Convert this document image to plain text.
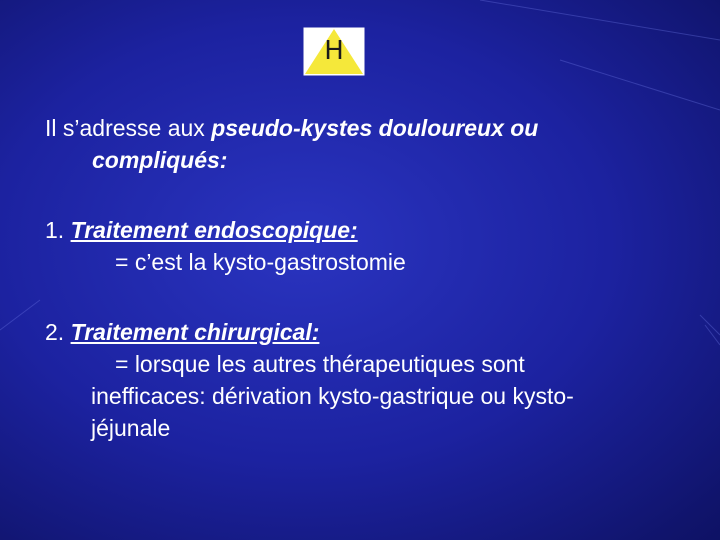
H
Il s’adresse aux pseudo-kystes douloureux ou
compliqués:
1. Traitement endoscopique:
= c’est la kysto-gastrostomie
2. Traitement chirurgical:
= lorsque les autres thérapeutiques sont
inefficaces: dérivation kysto-gastrique ou kysto-
jéjunale
